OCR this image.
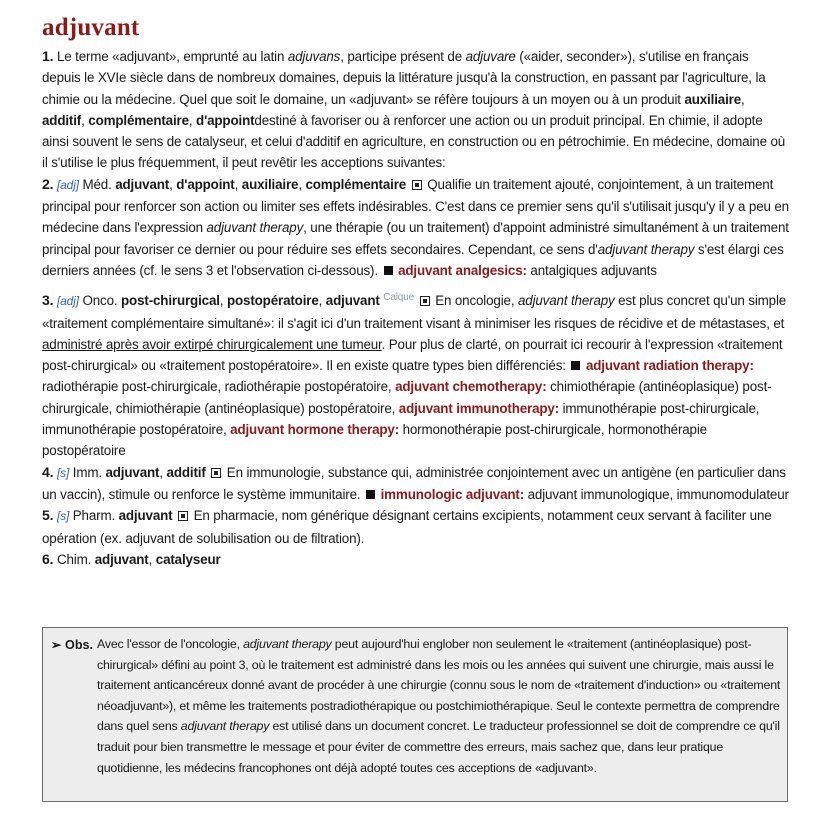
adjuvant

1. Le terme «adjuvant», emprunté au latin adjuvans, participe présent de adjuvare («aider, seconder»), s'utilise en français depuis le XVIe siècle dans de nombreux domaines, depuis la littérature jusqu'à la construction, en passant par l'agriculture, la chimie ou la médecine. Quel que soit le domaine, un «adjuvant» se réfère toujours à un moyen ou à un produit auxiliaire, additif, complémentaire, d'appointdestiné à favoriser ou à renforcer une action ou un produit principal. En chimie, il adopte ainsi souvent le sens de catalyseur, et celui d'additif en agriculture, en construction ou en pétrochimie. En médecine, domaine où il s'utilise le plus fréquemment, il peut revêtir les acceptions suivantes:

2. [adj] Méd. adjuvant, d'appoint, auxiliaire, complémentaire  Qualifie un traitement ajouté, conjointement, à un traitement principal pour renforcer son action ou limiter ses effets indésirables. C'est dans ce premier sens qu'il s'utilisait jusqu'y il y a peu en médecine dans l'expression adjuvant therapy, une thérapie (ou un traitement) d'appoint administré simultanément à un traitement principal pour favoriser ce dernier ou pour réduire ses effets secondaires. Cependant, ce sens d'adjuvant therapy s'est élargi ces derniers années (cf. le sens 3 et l'observation ci-dessous).  adjuvant analgesics: antalgiques adjuvants

3. [adj] Onco. post-chirurgical, postopératoire, adjuvant $^{Calque}$  En oncologie, adjuvant therapy est plus concret qu'un simple «traitement complémentaire simultané»: il s'agit ici d'un traitement visant à minimiser les risques de récidive et de métastases, et administré après avoir extirpé chirurgicalement une tumeur. Pour plus de clarté, on pourrait ici recourir à l'expression «traitement post-chirurgical» ou «traitement postopératoire». Il en existe quatre types bien différenciés:  adjuvant radiation therapy: radiothérapie post-chirurgicale, radiothérapie postopératoire, adjuvant chemotherapy: chimiothérapie (antinéoplasique) post-chirurgicale, chimiothérapie (antinéoplasique) postopératoire, adjuvant immunotherapy: immunothérapie post-chirurgicale, immunothérapie postopératoire, adjuvant hormone therapy: hormonothérapie post-chirurgicale, hormonothérapie postopératoire

4. [s] Imm. adjuvant, additif  En immunologie, substance qui, administrée conjointement avec un antigène (en particulier dans un vaccin), stimule ou renforce le système immunitaire.  immunologic adjuvant: adjuvant immunologique, immunomodulateur

5. [s] Pharm. adjuvant  En pharmacie, nom générique désignant certains excipients, notamment ceux servant à faciliter une opération (ex. adjuvant de solubilisation ou de filtration).

6. Chim. adjuvant, catalyseur

➢ Obs. Avec l'essor de l'oncologie, adjuvant therapy peut aujourd'hui englober non seulement le «traitement (antinéoplasique) post-chirurgical» défini au point 3, où le traitement est administré dans les mois ou les années qui suivent une chirurgie, mais aussi le traitement anticancéreux donné avant de procéder à une chirurgie (connu sous le nom de «traitement d'induction» ou «traitement néoadjuvant»), et même les traitements postradiothérapique ou postchimiothérapique. Seul le contexte permettra de comprendre dans quel sens adjuvant therapy est utilisé dans un document concret. Le traducteur professionnel se doit de comprendre ce qu'il traduit pour bien transmettre le message et pour éviter de commettre des erreurs, mais sachez que, dans leur pratique quotidienne, les médecins francophones ont déjà adopté toutes ces acceptions de «adjuvant».
